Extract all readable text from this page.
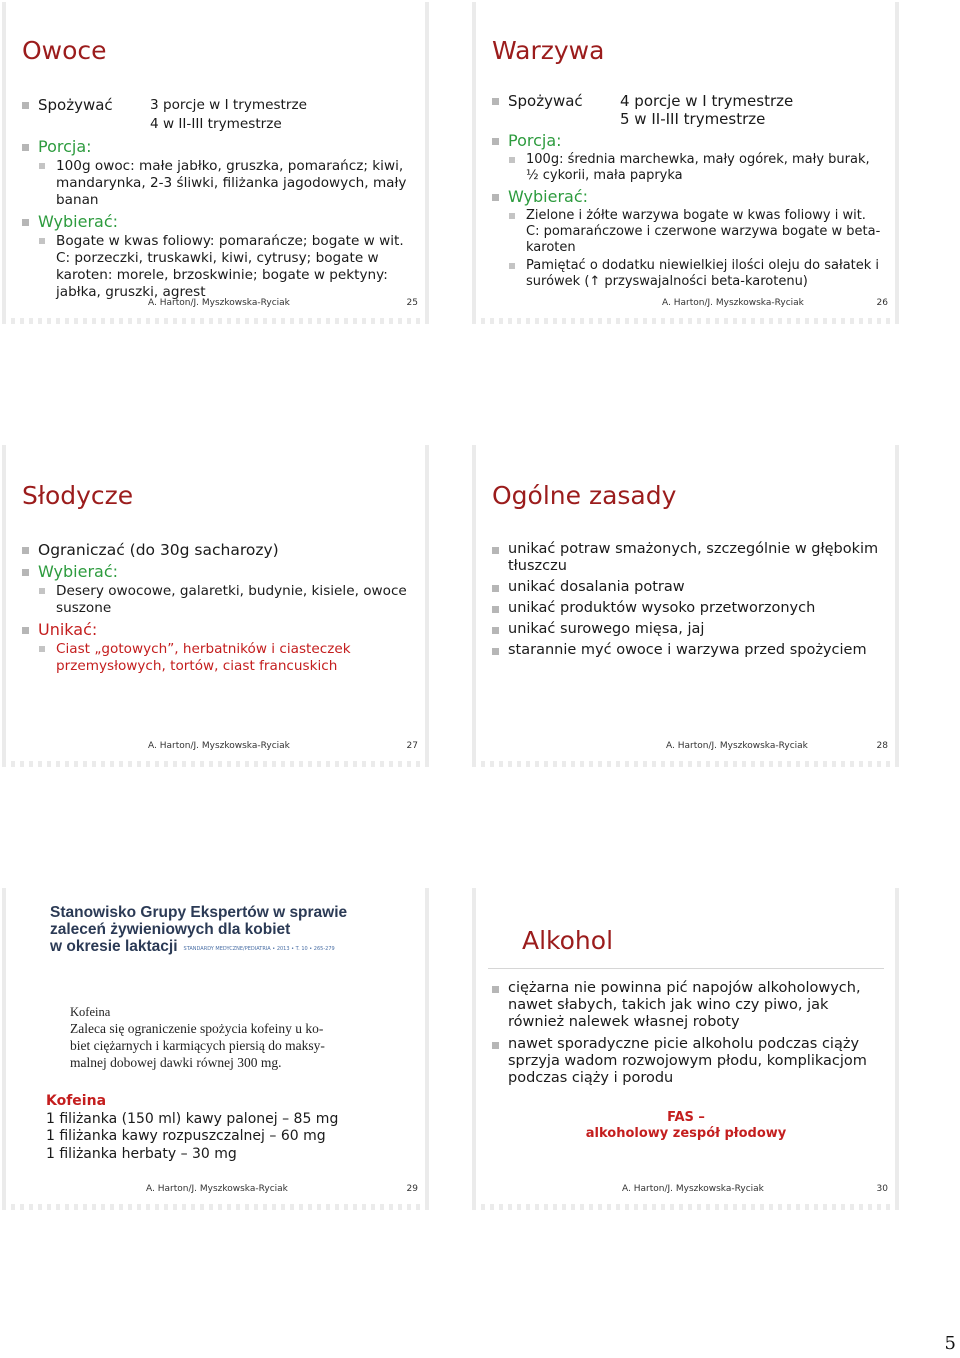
Owoce
Spożywać	3 porcje w I trymestrze
4 w II-III trymestrze
Porcja:
100g owoc: małe jabłko, gruszka, pomarańcz; kiwi, mandarynka, 2-3 śliwki, filiżanka jagodowych, mały banan
Wybierać:
Bogate w kwas foliowy: pomarańcze; bogate w wit. C: porzeczki, truskawki, kiwi, cytrusy; bogate w karoten: morele, brzoskwinie; bogate w pektyny: jabłka, gruszki, agrest
A. Harton/J. Myszkowska-Ryciak	25
Warzywa
Spożywać	4 porcje w I trymestrze
5 w II-III trymestrze
Porcja:
100g: średnia marchewka, mały ogórek, mały burak, ½ cykorii, mała papryka
Wybierać:
Zielone i żółte warzywa bogate w kwas foliowy i wit. C: pomarańczowe i czerwone warzywa bogate w beta-karoten
Pamiętać o dodatku niewielkiej ilości oleju do sałatek i surówek (↑ przyswajalności beta-karotenu)
A. Harton/J. Myszkowska-Ryciak	26
Słodycze
Ograniczać (do 30g sacharozy)
Wybierać:
Desery owocowe, galaretki, budynie, kisiele, owoce suszone
Unikać:
Ciast „gotowych”, herbatników i ciasteczek przemysłowych, tortów, ciast francuskich
A. Harton/J. Myszkowska-Ryciak	27
Ogólne zasady
unikać potraw smażonych, szczególnie w głębokim tłuszczu
unikać dosalania potraw
unikać produktów wysoko przetworzonych
unikać surowego mięsa, jaj
starannie myć owoce i warzywa przed spożyciem
A. Harton/J. Myszkowska-Ryciak	28
Stanowisko Grupy Ekspertów w sprawie
zaleceń żywieniowych dla kobiet
w okresie laktacji STANDARDY MEDYCZNE/PEDIATRIA • 2013 • T. 10 • 265-279
Kofeina
Zaleca się ograniczenie spożycia kofeiny u ko-
biet ciężarnych i karmiących piersią do maksy-
malnej dobowej dawki równej 300 mg.
Kofeina
1 filiżanka (150 ml) kawy palonej – 85 mg
1 filiżanka kawy rozpuszczalnej – 60 mg
1 filiżanka herbaty – 30 mg
A. Harton/J. Myszkowska-Ryciak	29
Alkohol
ciężarna nie powinna pić napojów alkoholowych, nawet słabych, takich jak wino czy piwo, jak również nalewek własnej roboty
nawet sporadyczne picie alkoholu podczas ciąży sprzyja wadom rozwojowym płodu, komplikacjom podczas ciąży i porodu
FAS –
alkoholowy zespół płodowy
A. Harton/J. Myszkowska-Ryciak	30
5
